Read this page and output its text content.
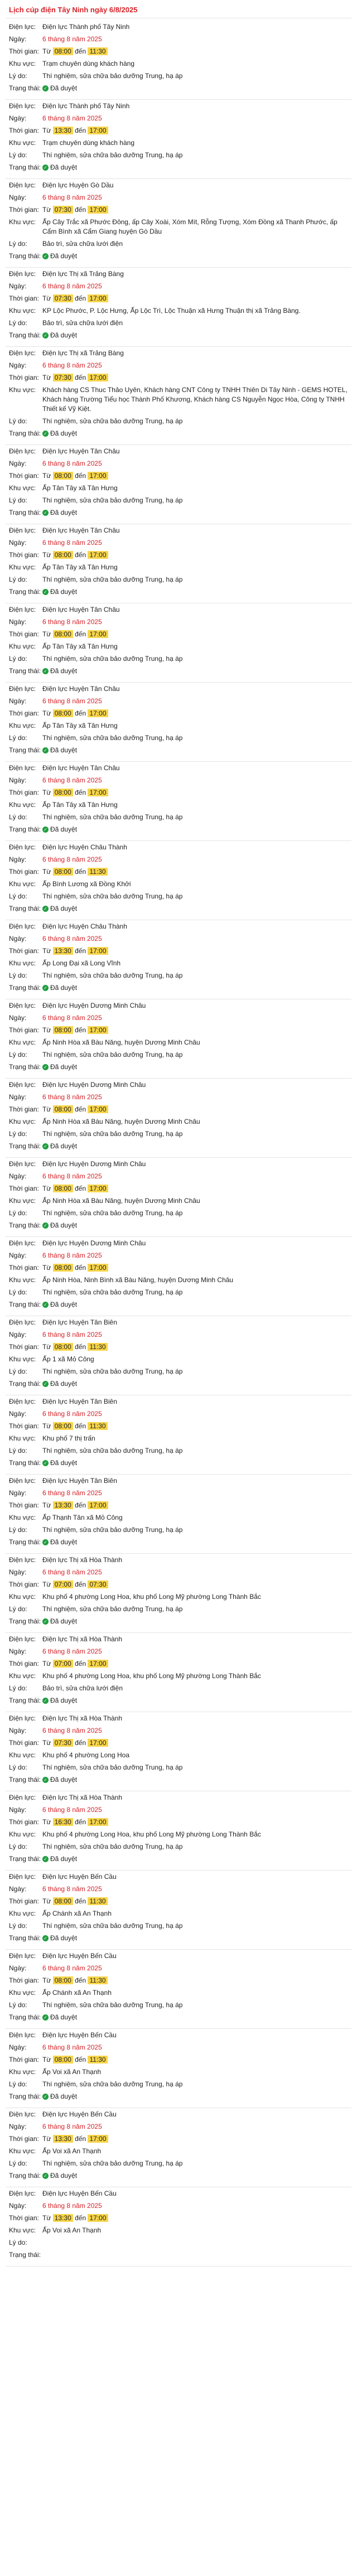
Lịch cúp điện Tây Ninh ngày 6/8/2025
Điện lực: Điện lực Thành phố Tây Ninh
Ngày:	6 tháng 8 năm 2025
Thời gian: Từ 08:00 đến 11:30
Khu vực: Trạm chuyên dùng khách hàng
Lý do:	Thí nghiệm, sửa chữa bảo dưỡng Trung, hạ áp
Trạng thái: ✓ Đã duyệt
Điện lực: Điện lực Thành phố Tây Ninh
Ngày:	6 tháng 8 năm 2025
Thời gian: Từ 13:30 đến 17:00
Khu vực: Trạm chuyên dùng khách hàng
Lý do:	Thí nghiệm, sửa chữa bảo dưỡng Trung, hạ áp
Trạng thái: ✓ Đã duyệt
Điện lực: Điện lực Huyện Gò Dầu
Ngày:	6 tháng 8 năm 2025
Thời gian: Từ 07:30 đến 17:00
Khu vực: Ấp Cây Trắc xã Phước Đông, ấp Cây Xoài, Xóm Mít, Rỗng Tượng, Xóm Đồng xã Thanh Phước, ấp Cẩm Bình xã Cẩm Giang huyện Gò Dầu
Lý do:	Bảo trì, sửa chữa lưới điện
Trạng thái: ✓ Đã duyệt
Điện lực: Điện lực Thị xã Trảng Bàng
Ngày:	6 tháng 8 năm 2025
Thời gian: Từ 07:30 đến 17:00
Khu vực: KP Lộc Phước, P. Lộc Hưng, Ấp Lộc Trì, Lộc Thuận xã Hưng Thuận thị xã Trảng Bàng.
Lý do:	Bảo trì, sửa chữa lưới điện
Trạng thái: ✓ Đã duyệt
Điện lực: Điện lực Thị xã Trảng Bàng
Ngày:	6 tháng 8 năm 2025
Thời gian: Từ 07:30 đến 17:00
Khu vực: Khách hàng CS Thuc Thảo Uyên, Khách hàng CNT Công ty TNHH Thiên Di Tây Ninh - GEMS HOTEL, Khách hàng Trường Tiểu học Thành Phố Khương, Khách hàng CS Nguyễn Ngọc Hòa, Công ty TNHH Thiết kế Vỹ Kiệt.
Lý do:	Thí nghiệm, sửa chữa bảo dưỡng Trung, hạ áp
Trạng thái: ✓ Đã duyệt
Điện lực: Điện lực Huyện Tân Châu
Ngày:	6 tháng 8 năm 2025
Thời gian: Từ 08:00 đến 17:00
Khu vực: Ấp Tân Tây xã Tân Hưng
Lý do:	Thí nghiệm, sửa chữa bảo dưỡng Trung, hạ áp
Trạng thái: ✓ Đã duyệt
Điện lực: Điện lực Huyện Tân Châu
Ngày:	6 tháng 8 năm 2025
Thời gian: Từ 08:00 đến 17:00
Khu vực: Ấp Tân Tây xã Tân Hưng
Lý do:	Thí nghiệm, sửa chữa bảo dưỡng Trung, hạ áp
Trạng thái: ✓ Đã duyệt
Điện lực: Điện lực Huyện Tân Châu
Ngày:	6 tháng 8 năm 2025
Thời gian: Từ 08:00 đến 17:00
Khu vực: Ấp Tân Tây xã Tân Hưng
Lý do:	Thí nghiệm, sửa chữa bảo dưỡng Trung, hạ áp
Trạng thái: ✓ Đã duyệt
Điện lực: Điện lực Huyện Tân Châu
Ngày:	6 tháng 8 năm 2025
Thời gian: Từ 08:00 đến 17:00
Khu vực: Ấp Tân Tây xã Tân Hưng
Lý do:	Thí nghiệm, sửa chữa bảo dưỡng Trung, hạ áp
Trạng thái: ✓ Đã duyệt
Điện lực: Điện lực Huyện Tân Châu
Ngày:	6 tháng 8 năm 2025
Thời gian: Từ 08:00 đến 17:00
Khu vực: Ấp Tân Tây xã Tân Hưng
Lý do:	Thí nghiệm, sửa chữa bảo dưỡng Trung, hạ áp
Trạng thái: ✓ Đã duyệt
Điện lực: Điện lực Huyện Châu Thành
Ngày:	6 tháng 8 năm 2025
Thời gian: Từ 08:00 đến 11:30
Khu vực: Ấp Bình Lương xã Đồng Khởi
Lý do:	Thí nghiệm, sửa chữa bảo dưỡng Trung, hạ áp
Trạng thái: ✓ Đã duyệt
Điện lực: Điện lực Huyện Châu Thành
Ngày:	6 tháng 8 năm 2025
Thời gian: Từ 13:30 đến 17:00
Khu vực: Ấp Long Đại xã Long Vĩnh
Lý do:	Thí nghiệm, sửa chữa bảo dưỡng Trung, hạ áp
Trạng thái: ✓ Đã duyệt
Điện lực: Điện lực Huyện Dương Minh Châu
Ngày:	6 tháng 8 năm 2025
Thời gian: Từ 08:00 đến 17:00
Khu vực: Ấp Ninh Hòa xã Bàu Năng, huyện Dương Minh Châu
Lý do:	Thí nghiệm, sửa chữa bảo dưỡng Trung, hạ áp
Trạng thái: ✓ Đã duyệt
Điện lực: Điện lực Huyện Dương Minh Châu
Ngày:	6 tháng 8 năm 2025
Thời gian: Từ 08:00 đến 17:00
Khu vực: Ấp Ninh Hòa xã Bàu Năng, huyện Dương Minh Châu
Lý do:	Thí nghiệm, sửa chữa bảo dưỡng Trung, hạ áp
Trạng thái: ✓ Đã duyệt
Điện lực: Điện lực Huyện Dương Minh Châu
Ngày:	6 tháng 8 năm 2025
Thời gian: Từ 08:00 đến 17:00
Khu vực: Ấp Ninh Hòa xã Bàu Năng, huyện Dương Minh Châu
Lý do:	Thí nghiệm, sửa chữa bảo dưỡng Trung, hạ áp
Trạng thái: ✓ Đã duyệt
Điện lực: Điện lực Huyện Dương Minh Châu
Ngày:	6 tháng 8 năm 2025
Thời gian: Từ 08:00 đến 17:00
Khu vực: Ấp Ninh Hòa, Ninh Bình xã Bàu Năng, huyện Dương Minh Châu
Lý do:	Thí nghiệm, sửa chữa bảo dưỡng Trung, hạ áp
Trạng thái: ✓ Đã duyệt
Điện lực: Điện lực Huyện Tân Biên
Ngày:	6 tháng 8 năm 2025
Thời gian: Từ 08:00 đến 11:30
Khu vực: Ấp 1 xã Mỏ Công
Lý do:	Thí nghiệm, sửa chữa bảo dưỡng Trung, hạ áp
Trạng thái: ✓ Đã duyệt
Điện lực: Điện lực Huyện Tân Biên
Ngày:	6 tháng 8 năm 2025
Thời gian: Từ 08:00 đến 11:30
Khu vực: Khu phố 7 thị trấn
Lý do:	Thí nghiệm, sửa chữa bảo dưỡng Trung, hạ áp
Trạng thái: ✓ Đã duyệt
Điện lực: Điện lực Huyện Tân Biên
Ngày:	6 tháng 8 năm 2025
Thời gian: Từ 13:30 đến 17:00
Khu vực: Ấp Thạnh Tân xã Mỏ Công
Lý do:	Thí nghiệm, sửa chữa bảo dưỡng Trung, hạ áp
Trạng thái: ✓ Đã duyệt
Điện lực: Điện lực Thị xã Hòa Thành
Ngày:	6 tháng 8 năm 2025
Thời gian: Từ 07:00 đến 07:30
Khu vực: Khu phố 4 phường Long Hoa, khu phố Long Mỹ phường Long Thành Bắc
Lý do:	Thí nghiệm, sửa chữa bảo dưỡng Trung, hạ áp
Trạng thái: ✓ Đã duyệt
Điện lực: Điện lực Thị xã Hòa Thành
Ngày:	6 tháng 8 năm 2025
Thời gian: Từ 07:00 đến 17:00
Khu vực: Khu phố 4 phường Long Hoa, khu phố Long Mỹ phường Long Thành Bắc
Lý do:	Bảo trì, sửa chữa lưới điện
Trạng thái: ✓ Đã duyệt
Điện lực: Điện lực Thị xã Hòa Thành
Ngày:	6 tháng 8 năm 2025
Thời gian: Từ 07:30 đến 17:00
Khu vực: Khu phố 4 phường Long Hoa
Lý do:	Thí nghiệm, sửa chữa bảo dưỡng Trung, hạ áp
Trạng thái: ✓ Đã duyệt
Điện lực: Điện lực Thị xã Hòa Thành
Ngày:	6 tháng 8 năm 2025
Thời gian: Từ 16:30 đến 17:00
Khu vực: Khu phố 4 phường Long Hoa, khu phố Long Mỹ phường Long Thành Bắc
Lý do:	Thí nghiệm, sửa chữa bảo dưỡng Trung, hạ áp
Trạng thái: ✓ Đã duyệt
Điện lực: Điện lực Huyện Bến Cầu
Ngày:	6 tháng 8 năm 2025
Thời gian: Từ 08:00 đến 11:30
Khu vực: Ấp Chánh xã An Thạnh
Lý do:	Thí nghiệm, sửa chữa bảo dưỡng Trung, hạ áp
Trạng thái: ✓ Đã duyệt
Điện lực: Điện lực Huyện Bến Cầu
Ngày:	6 tháng 8 năm 2025
Thời gian: Từ 08:00 đến 11:30
Khu vực: Ấp Chánh xã An Thạnh
Lý do:	Thí nghiệm, sửa chữa bảo dưỡng Trung, hạ áp
Trạng thái: ✓ Đã duyệt
Điện lực: Điện lực Huyện Bến Cầu
Ngày:	6 tháng 8 năm 2025
Thời gian: Từ 08:00 đến 11:30
Khu vực: Ấp Voi xã An Thạnh
Lý do:	Thí nghiệm, sửa chữa bảo dưỡng Trung, hạ áp
Trạng thái: ✓ Đã duyệt
Điện lực: Điện lực Huyện Bến Cầu
Ngày:	6 tháng 8 năm 2025
Thời gian: Từ 13:30 đến 17:00
Khu vực: Ấp Voi xã An Thạnh
Lý do:	Thí nghiệm, sửa chữa bảo dưỡng Trung, hạ áp
Trạng thái: ✓ Đã duyệt
Điện lực: Điện lực Huyện Bến Cầu
Ngày:	6 tháng 8 năm 2025
Thời gian: Từ 13:30 đến 17:00
Khu vực: Ấp Voi xã An Thạnh
Lý do:
Trạng thái:
